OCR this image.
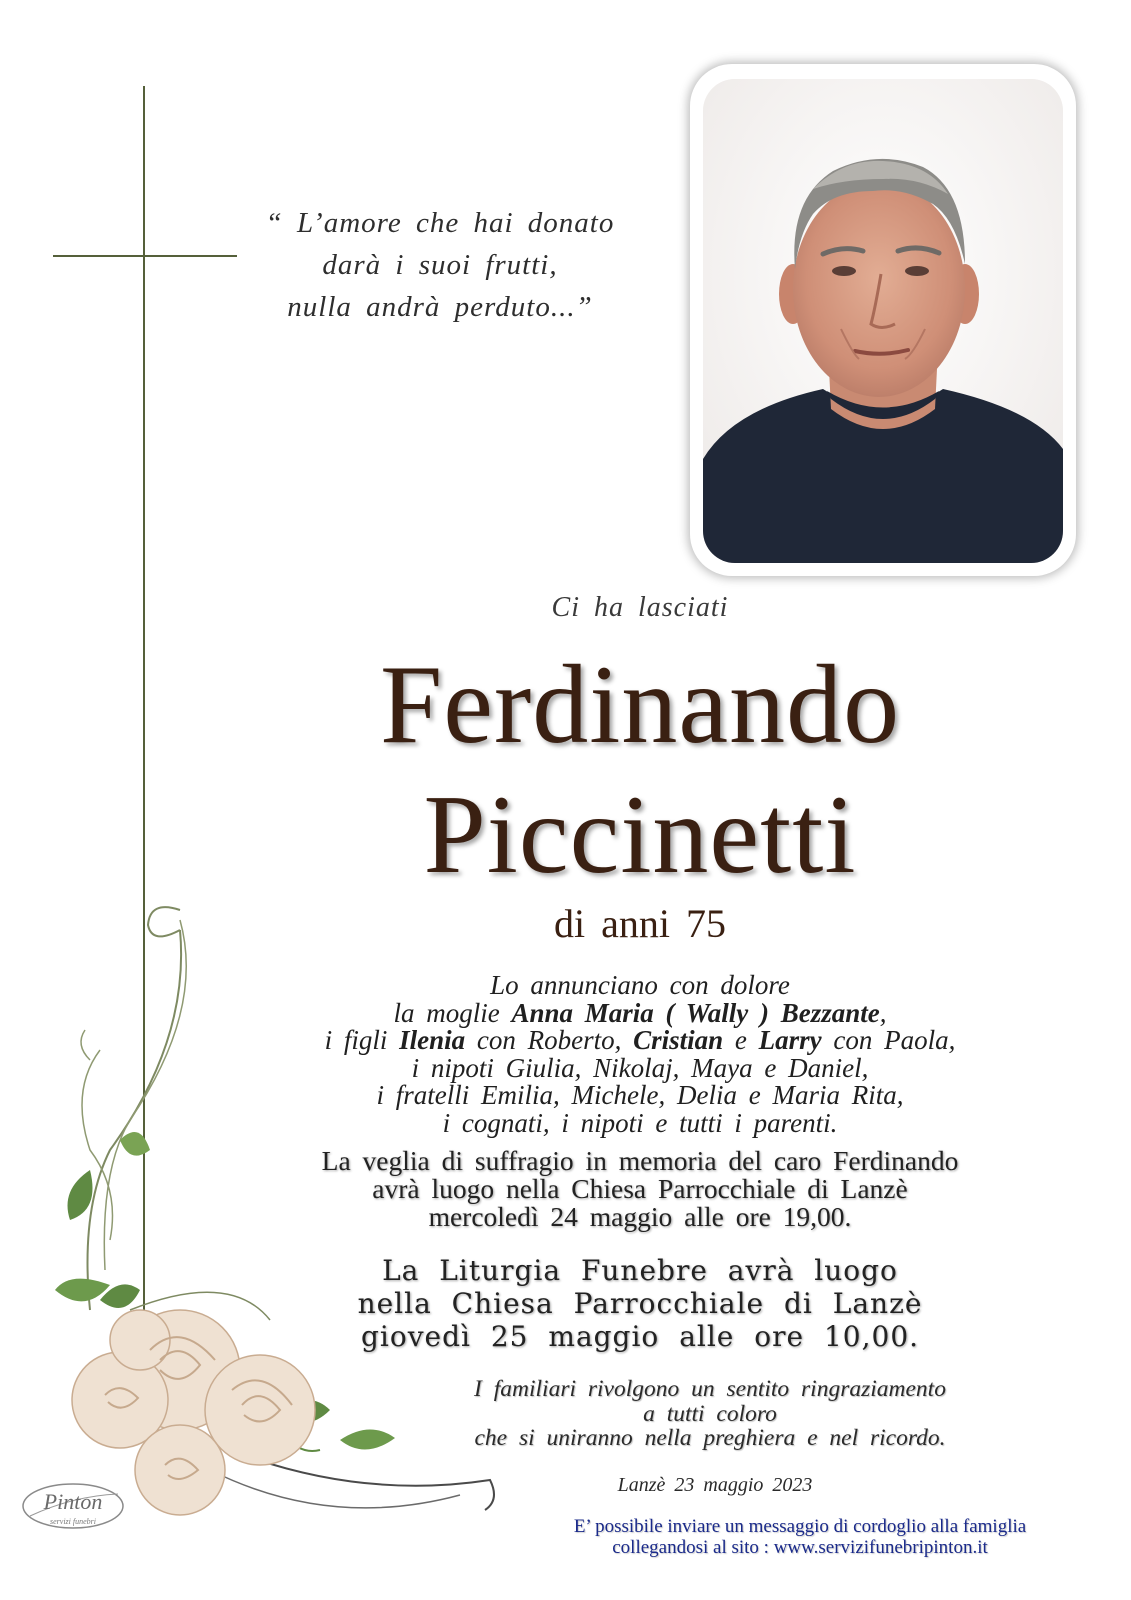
“ L’amore che hai donato
darà i suoi frutti,
nulla andrà perduto...”
Ci ha lasciati
Ferdinando
Piccinetti
di anni 75
Lo annunciano con dolore
la moglie Anna Maria ( Wally ) Bezzante,
i figli Ilenia con Roberto, Cristian e Larry con Paola,
i nipoti Giulia, Nikolaj, Maya e Daniel,
i fratelli Emilia, Michele, Delia e Maria Rita,
i cognati, i nipoti e tutti i parenti.
La veglia di suffragio in memoria del caro Ferdinando
avrà luogo nella Chiesa Parrocchiale di Lanzè
mercoledì 24 maggio alle ore 19,00.
La Liturgia Funebre avrà luogo
nella Chiesa Parrocchiale di Lanzè
giovedì 25 maggio alle ore 10,00.
I familiari rivolgono un sentito ringraziamento
a tutti coloro
che si uniranno nella preghiera e nel ricordo.
Lanzè 23 maggio 2023
E’ possibile inviare un messaggio di cordoglio alla famiglia
collegandosi al sito : www.servizifunebripinton.it
Pinton
servizi funebri
